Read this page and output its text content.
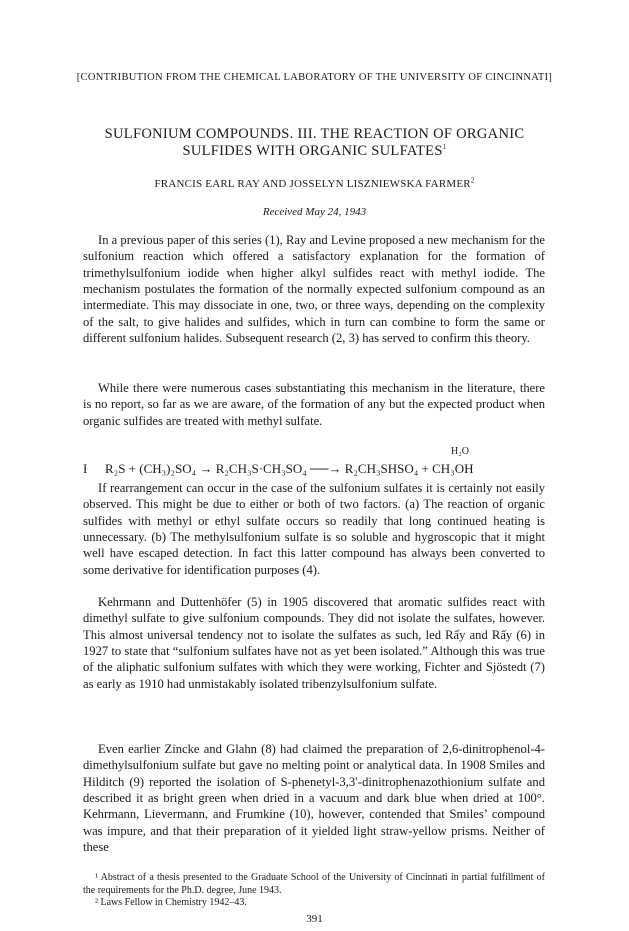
[CONTRIBUTION FROM THE CHEMICAL LABORATORY OF THE UNIVERSITY OF CINCINNATI]
SULFONIUM COMPOUNDS. III. THE REACTION OF ORGANIC
SULFIDES WITH ORGANIC SULFATES$^1$
FRANCIS EARL RAY AND JOSSELYN LISZNIEWSKA FARMER$^2$
Received May 24, 1943

In a previous paper of this series (1), Ray and Levine proposed a new mechanism for the sulfonium reaction which offered a satisfactory explanation for the formation of trimethylsulfonium iodide when higher alkyl sulfides react with methyl iodide. The mechanism postulates the formation of the normally expected sulfonium compound as an intermediate. This may dissociate in one, two, or three ways, depending on the complexity of the salt, to give halides and sulfides, which in turn can combine to form the same or different sulfonium halides. Subsequent research (2, 3) has served to confirm this theory.

While there were numerous cases substantiating this mechanism in the literature, there is no report, so far as we are aware, of the formation of any but the expected product when organic sulfides are treated with methyl sulfate.

I
H₂O
R₂S + (CH₃)₂SO₄ → R₂CH₃S·CH₃SO₄ ──→ R₂CH₃SHSO₄ + CH₃OH

If rearrangement can occur in the case of the sulfonium sulfates it is certainly not easily observed. This might be due to either or both of two factors. (a) The reaction of organic sulfides with methyl or ethyl sulfate occurs so readily that long continued heating is unnecessary. (b) The methylsulfonium sulfate is so soluble and hygroscopic that it might well have escaped detection. In fact this latter compound has always been converted to some derivative for identification purposes (4).

Kehrmann and Duttenhöfer (5) in 1905 discovered that aromatic sulfides react with dimethyl sulfate to give sulfonium compounds. They did not isolate the sulfates, however. This almost universal tendency not to isolate the sulfates as such, led Rấy and Rấy (6) in 1927 to state that “sulfonium sulfates have not as yet been isolated.” Although this was true of the aliphatic sulfonium sulfates with which they were working, Fichter and Sjöstedt (7) as early as 1910 had unmistakably isolated tribenzylsulfonium sulfate.

Even earlier Zincke and Glahn (8) had claimed the preparation of 2,6-dinitrophenol-4-dimethylsulfonium sulfate but gave no melting point or analytical data. In 1908 Smiles and Hilditch (9) reported the isolation of S-phenetyl-3,3′-dinitrophenazothionium sulfate and described it as bright green when dried in a vacuum and dark blue when dried at 100°. Kehrmann, Lievermann, and Frumkine (10), however, contended that Smiles’ compound was impure, and that their preparation of it yielded light straw-yellow prisms. Neither of these

¹ Abstract of a thesis presented to the Graduate School of the University of Cincinnati in partial fulfillment of the requirements for the Ph.D. degree, June 1943.

² Laws Fellow in Chemistry 1942–43.

391
